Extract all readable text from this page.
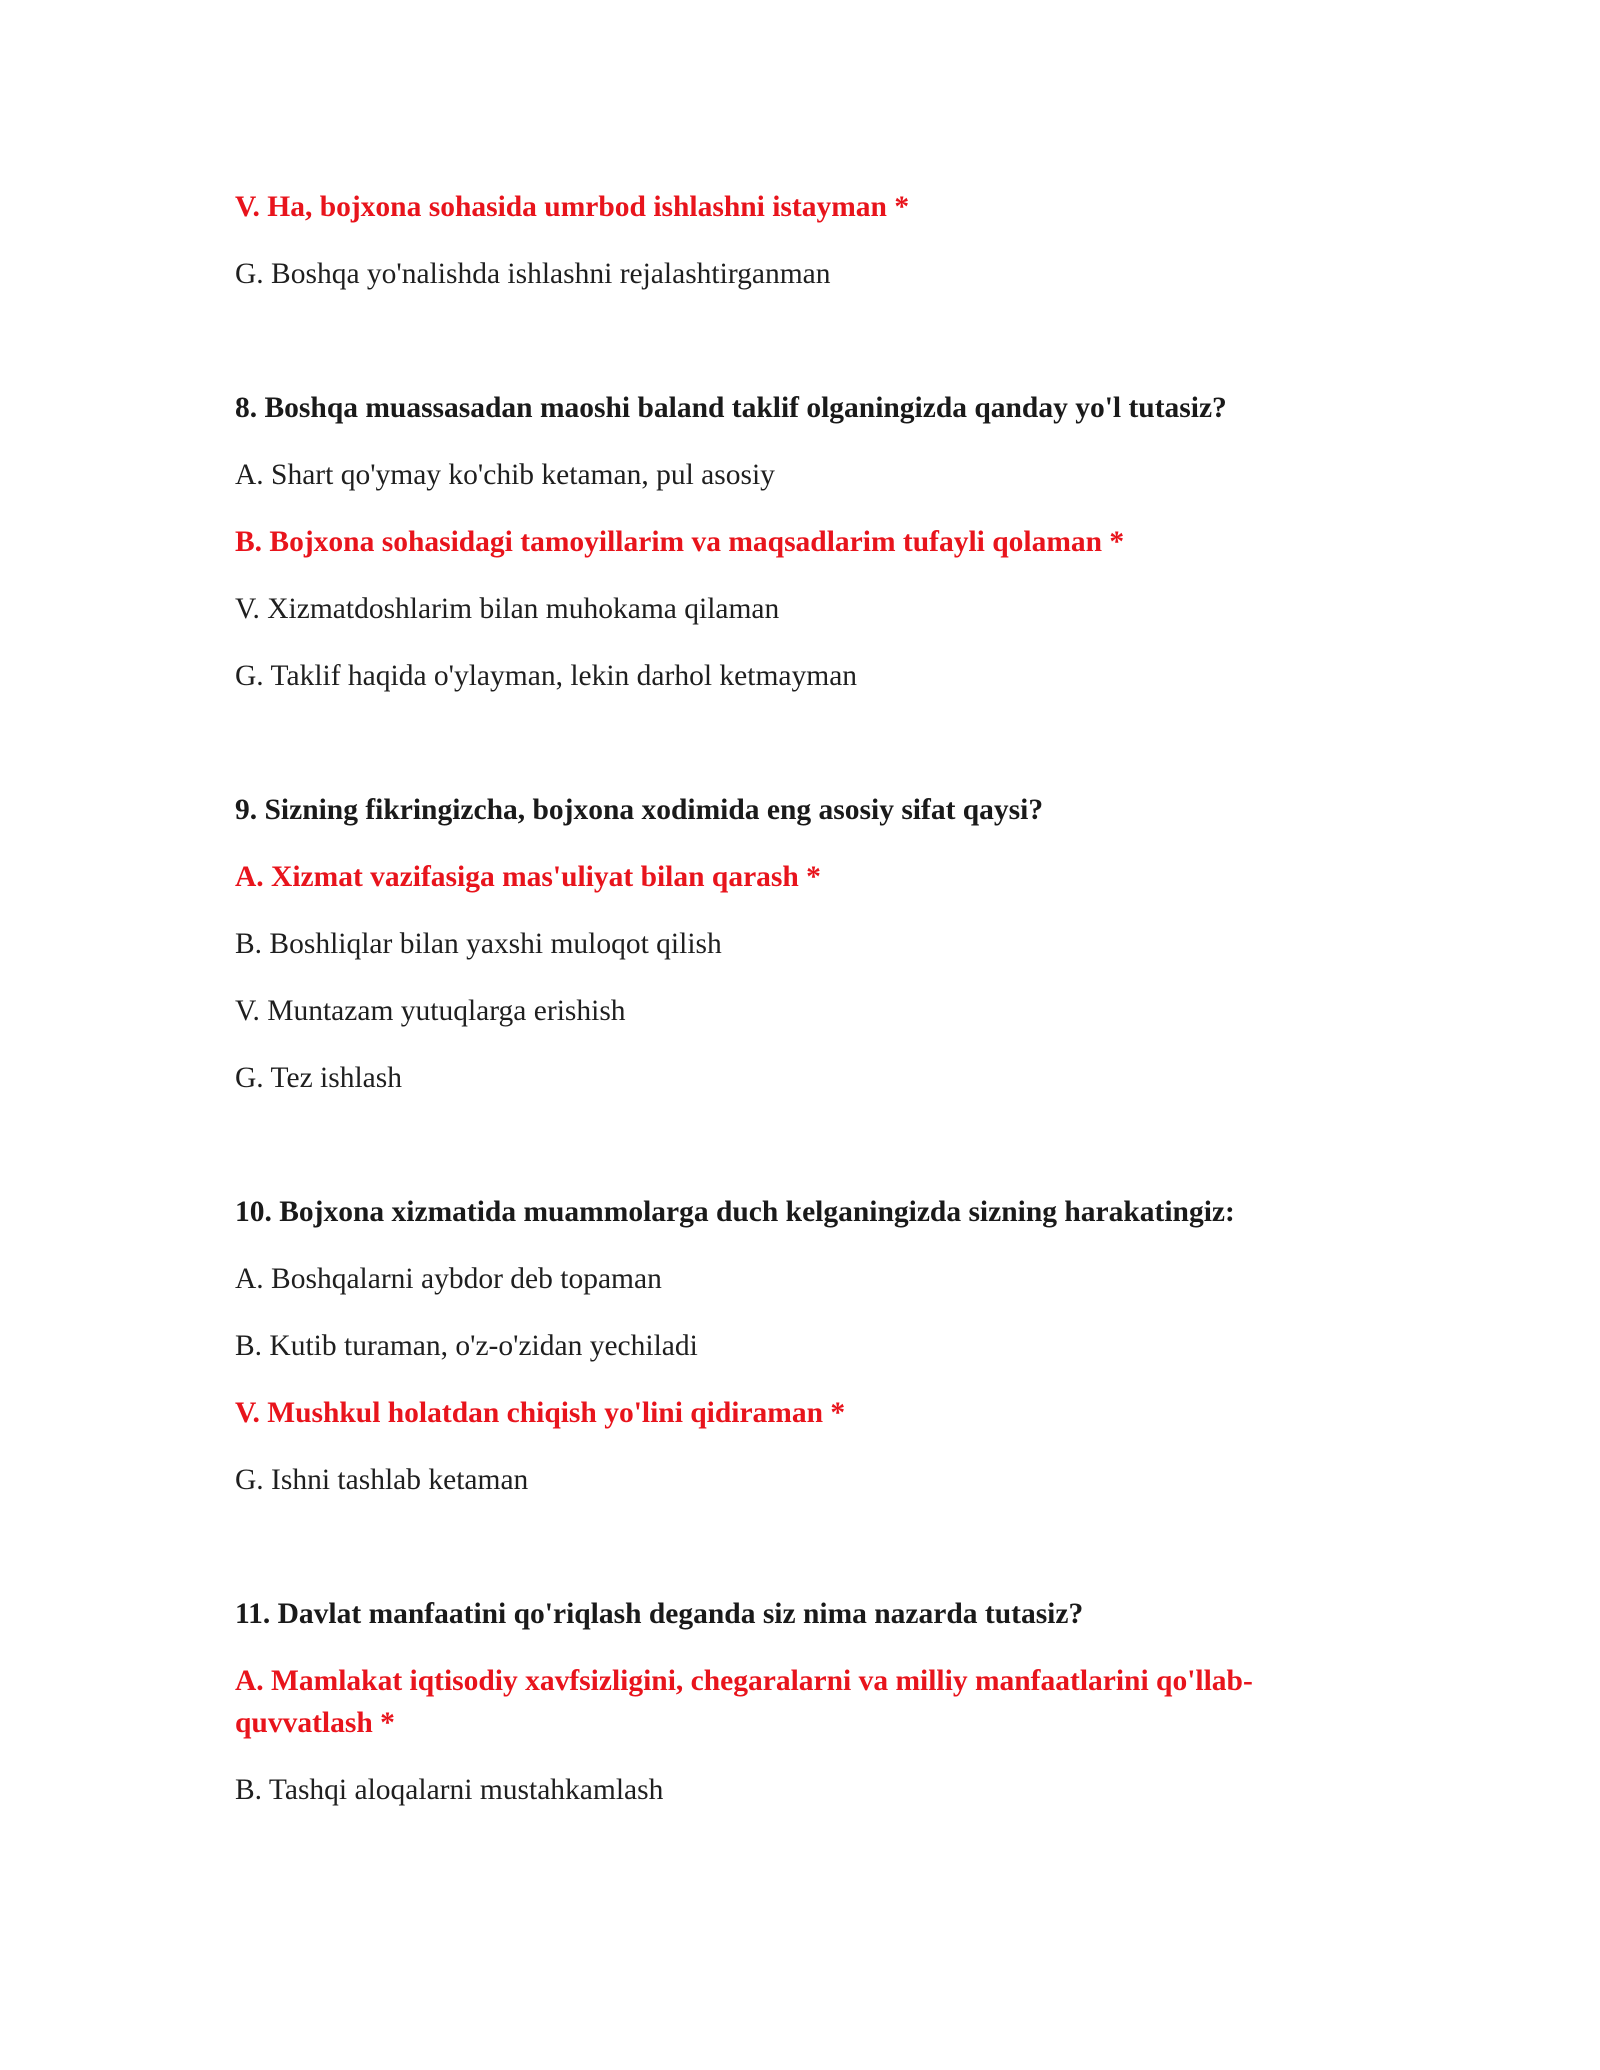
V. Ha, bojxona sohasida umrbod ishlashni istayman *

G. Boshqa yo'nalishda ishlashni rejalashtirganman

8. Boshqa muassasadan maoshi baland taklif olganingizda qanday yo'l tutasiz?

A. Shart qo'ymay ko'chib ketaman, pul asosiy

B. Bojxona sohasidagi tamoyillarim va maqsadlarim tufayli qolaman *

V. Xizmatdoshlarim bilan muhokama qilaman

G. Taklif haqida o'ylayman, lekin darhol ketmayman

9. Sizning fikringizcha, bojxona xodimida eng asosiy sifat qaysi?

A. Xizmat vazifasiga mas'uliyat bilan qarash *

B. Boshliqlar bilan yaxshi muloqot qilish

V. Muntazam yutuqlarga erishish

G. Tez ishlash

10. Bojxona xizmatida muammolarga duch kelganingizda sizning harakatingiz:

A. Boshqalarni aybdor deb topaman

B. Kutib turaman, o'z-o'zidan yechiladi

V. Mushkul holatdan chiqish yo'lini qidiraman *

G. Ishni tashlab ketaman

11. Davlat manfaatini qo'riqlash deganda siz nima nazarda tutasiz?

A. Mamlakat iqtisodiy xavfsizligini, chegaralarni va milliy manfaatlarini qo'llab-

quvvatlash *

B. Tashqi aloqalarni mustahkamlash
